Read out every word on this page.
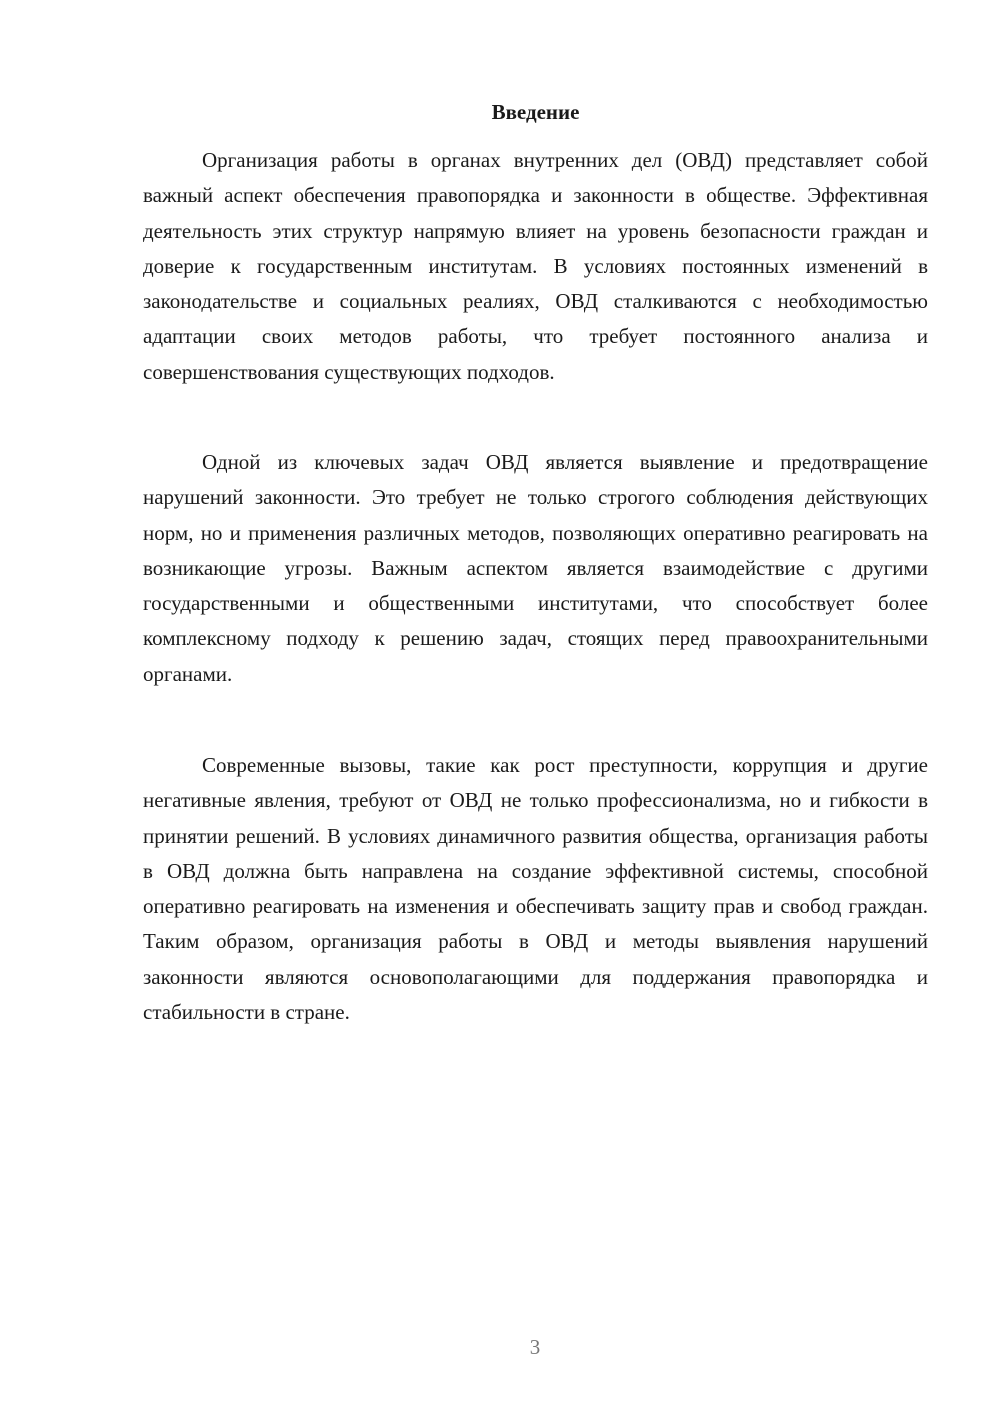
Введение

Организация работы в органах внутренних дел (ОВД) представляет собой важный аспект обеспечения правопорядка и законности в обществе. Эффективная деятельность этих структур напрямую влияет на уровень безопасности граждан и доверие к государственным институтам. В условиях постоянных изменений в законодательстве и социальных реалиях, ОВД сталкиваются с необходимостью адаптации своих методов работы, что требует постоянного анализа и совершенствования существующих подходов.

Одной из ключевых задач ОВД является выявление и предотвращение нарушений законности. Это требует не только строгого соблюдения действующих норм, но и применения различных методов, позволяющих оперативно реагировать на возникающие угрозы. Важным аспектом является взаимодействие с другими государственными и общественными институтами, что способствует более комплексному подходу к решению задач, стоящих перед правоохранительными органами.

Современные вызовы, такие как рост преступности, коррупция и другие негативные явления, требуют от ОВД не только профессионализма, но и гибкости в принятии решений. В условиях динамичного развития общества, организация работы в ОВД должна быть направлена на создание эффективной системы, способной оперативно реагировать на изменения и обеспечивать защиту прав и свобод граждан. Таким образом, организация работы в ОВД и методы выявления нарушений законности являются основополагающими для поддержания правопорядка и стабильности в стране.

3
